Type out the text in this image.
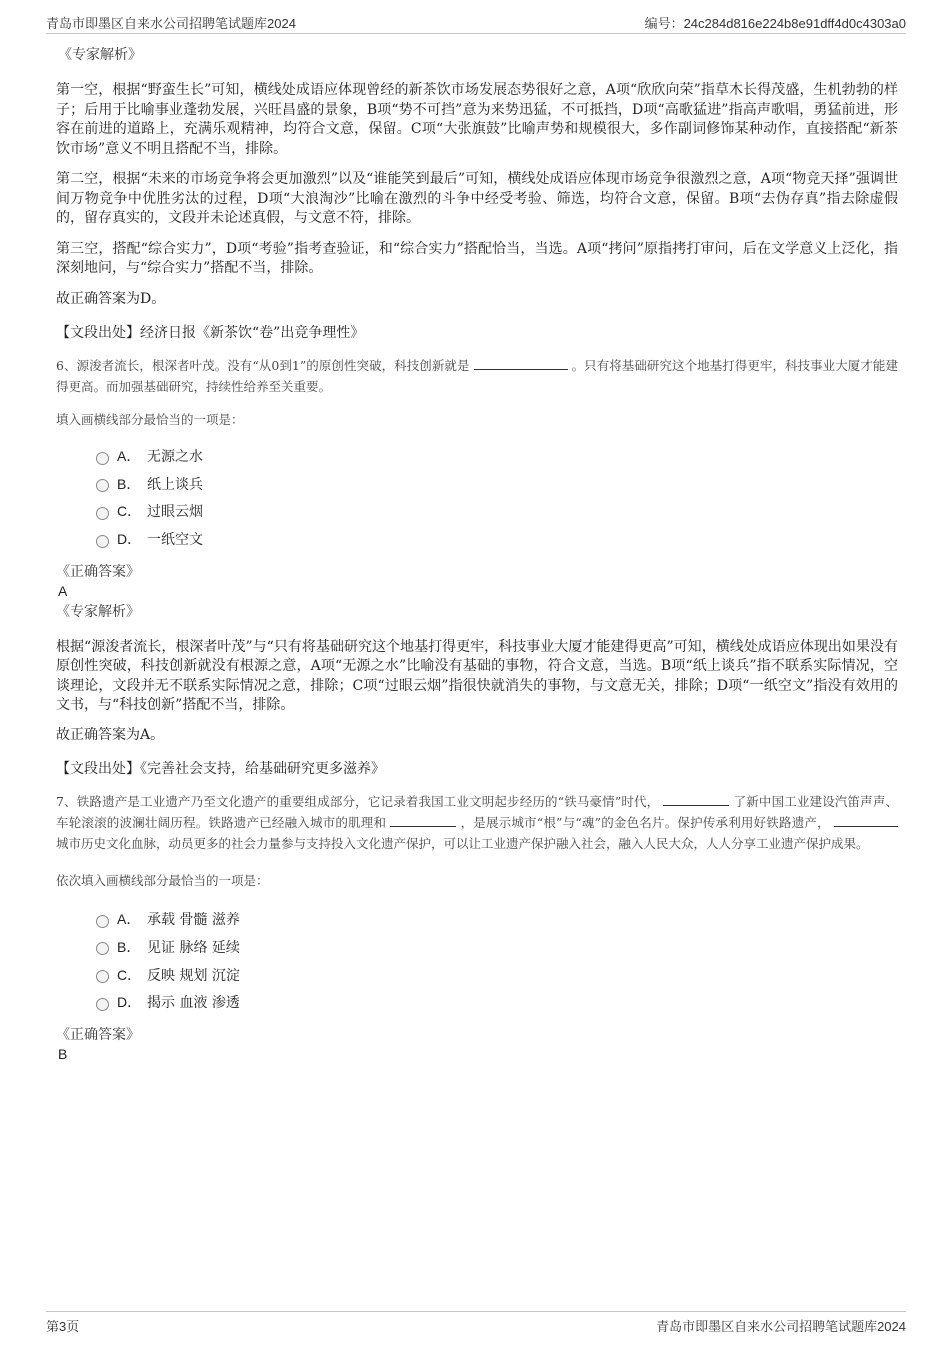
青岛市即墨区自来水公司招聘笔试题库2024	编号：24c284d816e224b8e91dff4d0c4303a0
《专家解析》
第一空，根据“野蛮生长”可知，横线处成语应体现曾经的新茶饮市场发展态势很好之意，A项“欣欣向荣”指草木长得茂盛，生机勃勃的样子；后用于比喻事业蓬勃发展，兴旺昌盛的景象，B项“势不可挡”意为来势迅猛，不可抵挡，D项“高歌猛进”指高声歌唱，勇猛前进，形容在前进的道路上，充满乐观精神，均符合文意，保留。C项“大张旗鼓”比喻声势和规模很大，多作副词修饰某种动作，直接搭配“新茶饮市场”意义不明且搭配不当，排除。
第二空，根据“未来的市场竞争将会更加激烈”以及“谁能笑到最后”可知，横线处成语应体现市场竞争很激烈之意，A项“物竞天择”强调世间万物竞争中优胜劣汰的过程，D项“大浪淘沙”比喻在激烈的斗争中经受考验、筛选，均符合文意，保留。B项“去伪存真”指去除虚假的，留存真实的，文段并未论述真假，与文意不符，排除。
第三空，搭配“综合实力”，D项“考验”指考查验证，和“综合实力”搭配恰当，当选。A项“拷问”原指拷打审问，后在文学意义上泛化，指深刻地问，与“综合实力”搭配不当，排除。
故正确答案为D。
【文段出处】经济日报《新茶饮“卷”出竞争理性》
6、源浚者流长，根深者叶茂。没有“从0到1”的原创性突破，科技创新就是	。只有将基础研究这个地基打得更牢，科技事业大厦才能建得更高。而加强基础研究，持续性给养至关重要。
填入画横线部分最恰当的一项是：
A． 无源之水
B． 纸上谈兵
C． 过眼云烟
D． 一纸空文
《正确答案》
A
《专家解析》
根据“源浚者流长，根深者叶茂”与“只有将基础研究这个地基打得更牢，科技事业大厦才能建得更高”可知，横线处成语应体现出如果没有原创性突破，科技创新就没有根源之意，A项“无源之水”比喻没有基础的事物，符合文意，当选。B项“纸上谈兵”指不联系实际情况，空谈理论，文段并无不联系实际情况之意，排除；C项“过眼云烟”指很快就消失的事物，与文意无关，排除；D项“一纸空文”指没有效用的文书，与“科技创新”搭配不当，排除。
故正确答案为A。
【文段出处】《完善社会支持，给基础研究更多滋养》
7、铁路遗产是工业遗产乃至文化遗产的重要组成部分，它记录着我国工业文明起步经历的“铁马豪情”时代，	了新中国工业建设汽笛声声、车轮滚滚的波澜壮阔历程。铁路遗产已经融入城市的肌理和	，是展示城市“根”与“魂”的金色名片。保护传承利用好铁路遗产，  城市历史文化血脉，动员更多的社会力量参与支持投入文化遗产保护，可以让工业遗产保护融入社会，融入人民大众，人人分享工业遗产保护成果。
依次填入画横线部分最恰当的一项是：
A． 承载 骨髓 滋养
B． 见证 脉络 延续
C． 反映 规划 沉淀
D． 揭示 血液 渗透
《正确答案》
B
第3页	青岛市即墨区自来水公司招聘笔试题库2024
